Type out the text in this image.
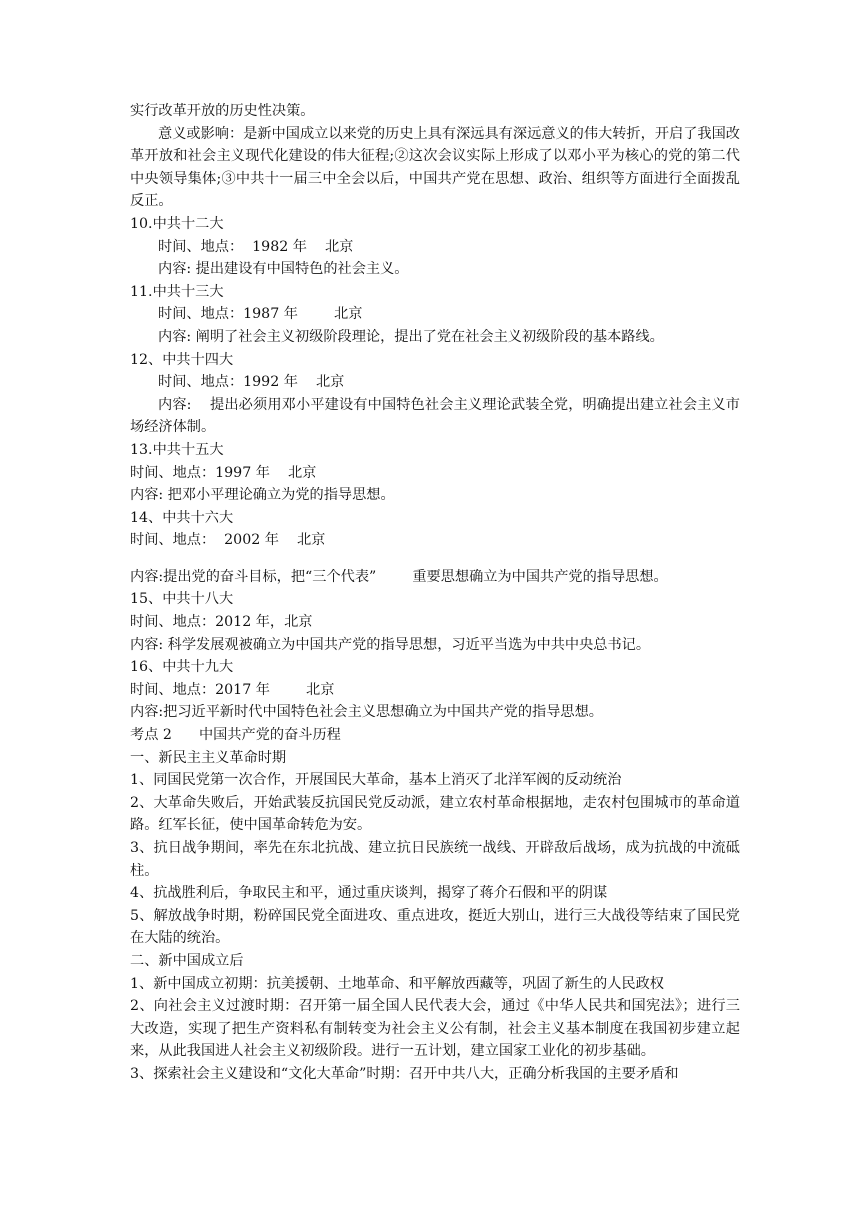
实行改革开放的历史性决策。
意义或影响：是新中国成立以来党的历史上具有深远具有深远意义的伟大转折，开启了我国改革开放和社会主义现代化建设的伟大征程;②这次会议实际上形成了以邓小平为核心的党的第二代中央领导集体;③中共十一届三中全会以后，中国共产党在思想、政治、组织等方面进行全面拨乱反正。
10.中共十二大
时间、地点：  1982 年    北京
内容: 提出建设有中国特色的社会主义。
11.中共十三大
时间、地点：1987 年        北京
内容: 阐明了社会主义初级阶段理论，提出了党在社会主义初级阶段的基本路线。
12、中共十四大
时间、地点：1992 年    北京
内容:    提出必须用邓小平建设有中国特色社会主义理论武装全党，明确提出建立社会主义市场经济体制。
13.中共十五大
时间、地点：1997 年    北京
内容: 把邓小平理论确立为党的指导思想。
14、中共十六大
时间、地点：  2002 年    北京
内容:提出党的奋斗目标，把“三个代表”        重要思想确立为中国共产党的指导思想。
15、中共十八大
时间、地点：2012 年，北京
内容: 科学发展观被确立为中国共产党的指导思想，习近平当选为中共中央总书记。
16、中共十九大
时间、地点：2017 年        北京
内容:把习近平新时代中国特色社会主义思想确立为中国共产党的指导思想。
考点 2      中国共产党的奋斗历程
一、新民主主义革命时期
1、同国民党第一次合作，开展国民大革命，基本上消灭了北洋军阀的反动统治
2、大革命失败后，开始武装反抗国民党反动派，建立农村革命根据地，走农村包围城市的革命道路。红军长征，使中国革命转危为安。
3、抗日战争期间，率先在东北抗战、建立抗日民族统一战线、开辟敌后战场，成为抗战的中流砥柱。
4、抗战胜利后，争取民主和平，通过重庆谈判，揭穿了蒋介石假和平的阴谋
5、解放战争时期，粉碎国民党全面进攻、重点进攻，挺近大别山，进行三大战役等结束了国民党在大陆的统治。
二、新中国成立后
1、新中国成立初期：抗美援朝、土地革命、和平解放西藏等，巩固了新生的人民政权
2、向社会主义过渡时期：召开第一届全国人民代表大会，通过《中华人民共和国宪法》；进行三大改造，实现了把生产资料私有制转变为社会主义公有制，社会主义基本制度在我国初步建立起来，从此我国进人社会主义初级阶段。进行一五计划，建立国家工业化的初步基础。
3、探索社会主义建设和“文化大革命”时期：召开中共八大，正确分析我国的主要矛盾和
